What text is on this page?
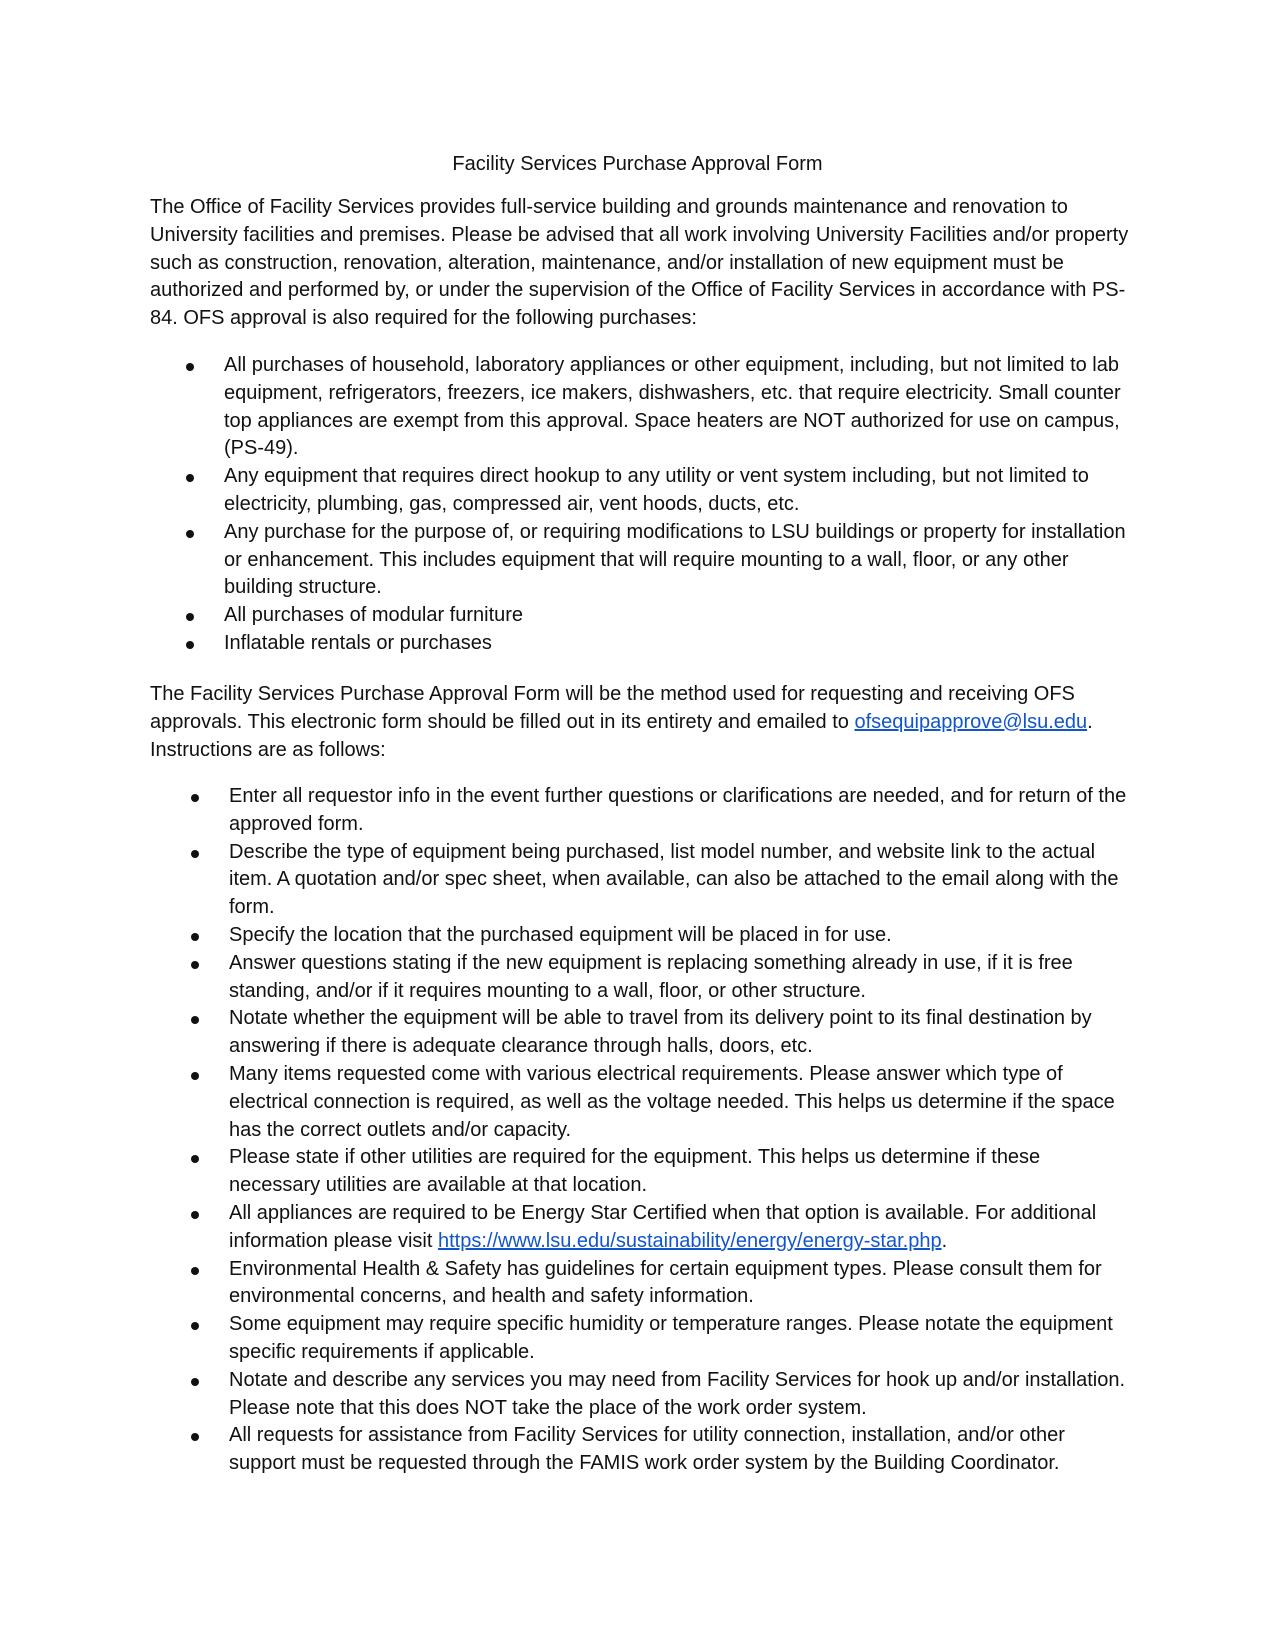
Facility Services Purchase Approval Form

The Office of Facility Services provides full-service building and grounds maintenance and renovation to University facilities and premises. Please be advised that all work involving University Facilities and/or property such as construction, renovation, alteration, maintenance, and/or installation of new equipment must be authorized and performed by, or under the supervision of the Office of Facility Services in accordance with PS-84. OFS approval is also required for the following purchases:

All purchases of household, laboratory appliances or other equipment, including, but not limited to lab equipment, refrigerators, freezers, ice makers, dishwashers, etc. that require electricity. Small counter top appliances are exempt from this approval. Space heaters are NOT authorized for use on campus, (PS-49).
Any equipment that requires direct hookup to any utility or vent system including, but not limited to electricity, plumbing, gas, compressed air, vent hoods, ducts, etc.
Any purchase for the purpose of, or requiring modifications to LSU buildings or property for installation or enhancement. This includes equipment that will require mounting to a wall, floor, or any other building structure.
All purchases of modular furniture
Inflatable rentals or purchases

The Facility Services Purchase Approval Form will be the method used for requesting and receiving OFS approvals. This electronic form should be filled out in its entirety and emailed to ofsequipapprove@lsu.edu. Instructions are as follows:

Enter all requestor info in the event further questions or clarifications are needed, and for return of the approved form.
Describe the type of equipment being purchased, list model number, and website link to the actual item. A quotation and/or spec sheet, when available, can also be attached to the email along with the form.
Specify the location that the purchased equipment will be placed in for use.
Answer questions stating if the new equipment is replacing something already in use, if it is free standing, and/or if it requires mounting to a wall, floor, or other structure.
Notate whether the equipment will be able to travel from its delivery point to its final destination by answering if there is adequate clearance through halls, doors, etc.
Many items requested come with various electrical requirements. Please answer which type of electrical connection is required, as well as the voltage needed. This helps us determine if the space has the correct outlets and/or capacity.
Please state if other utilities are required for the equipment. This helps us determine if these necessary utilities are available at that location.
All appliances are required to be Energy Star Certified when that option is available. For additional information please visit https://www.lsu.edu/sustainability/energy/energy-star.php.
Environmental Health & Safety has guidelines for certain equipment types. Please consult them for environmental concerns, and health and safety information.
Some equipment may require specific humidity or temperature ranges. Please notate the equipment specific requirements if applicable.
Notate and describe any services you may need from Facility Services for hook up and/or installation. Please note that this does NOT take the place of the work order system.
All requests for assistance from Facility Services for utility connection, installation, and/or other support must be requested through the FAMIS work order system by the Building Coordinator.
